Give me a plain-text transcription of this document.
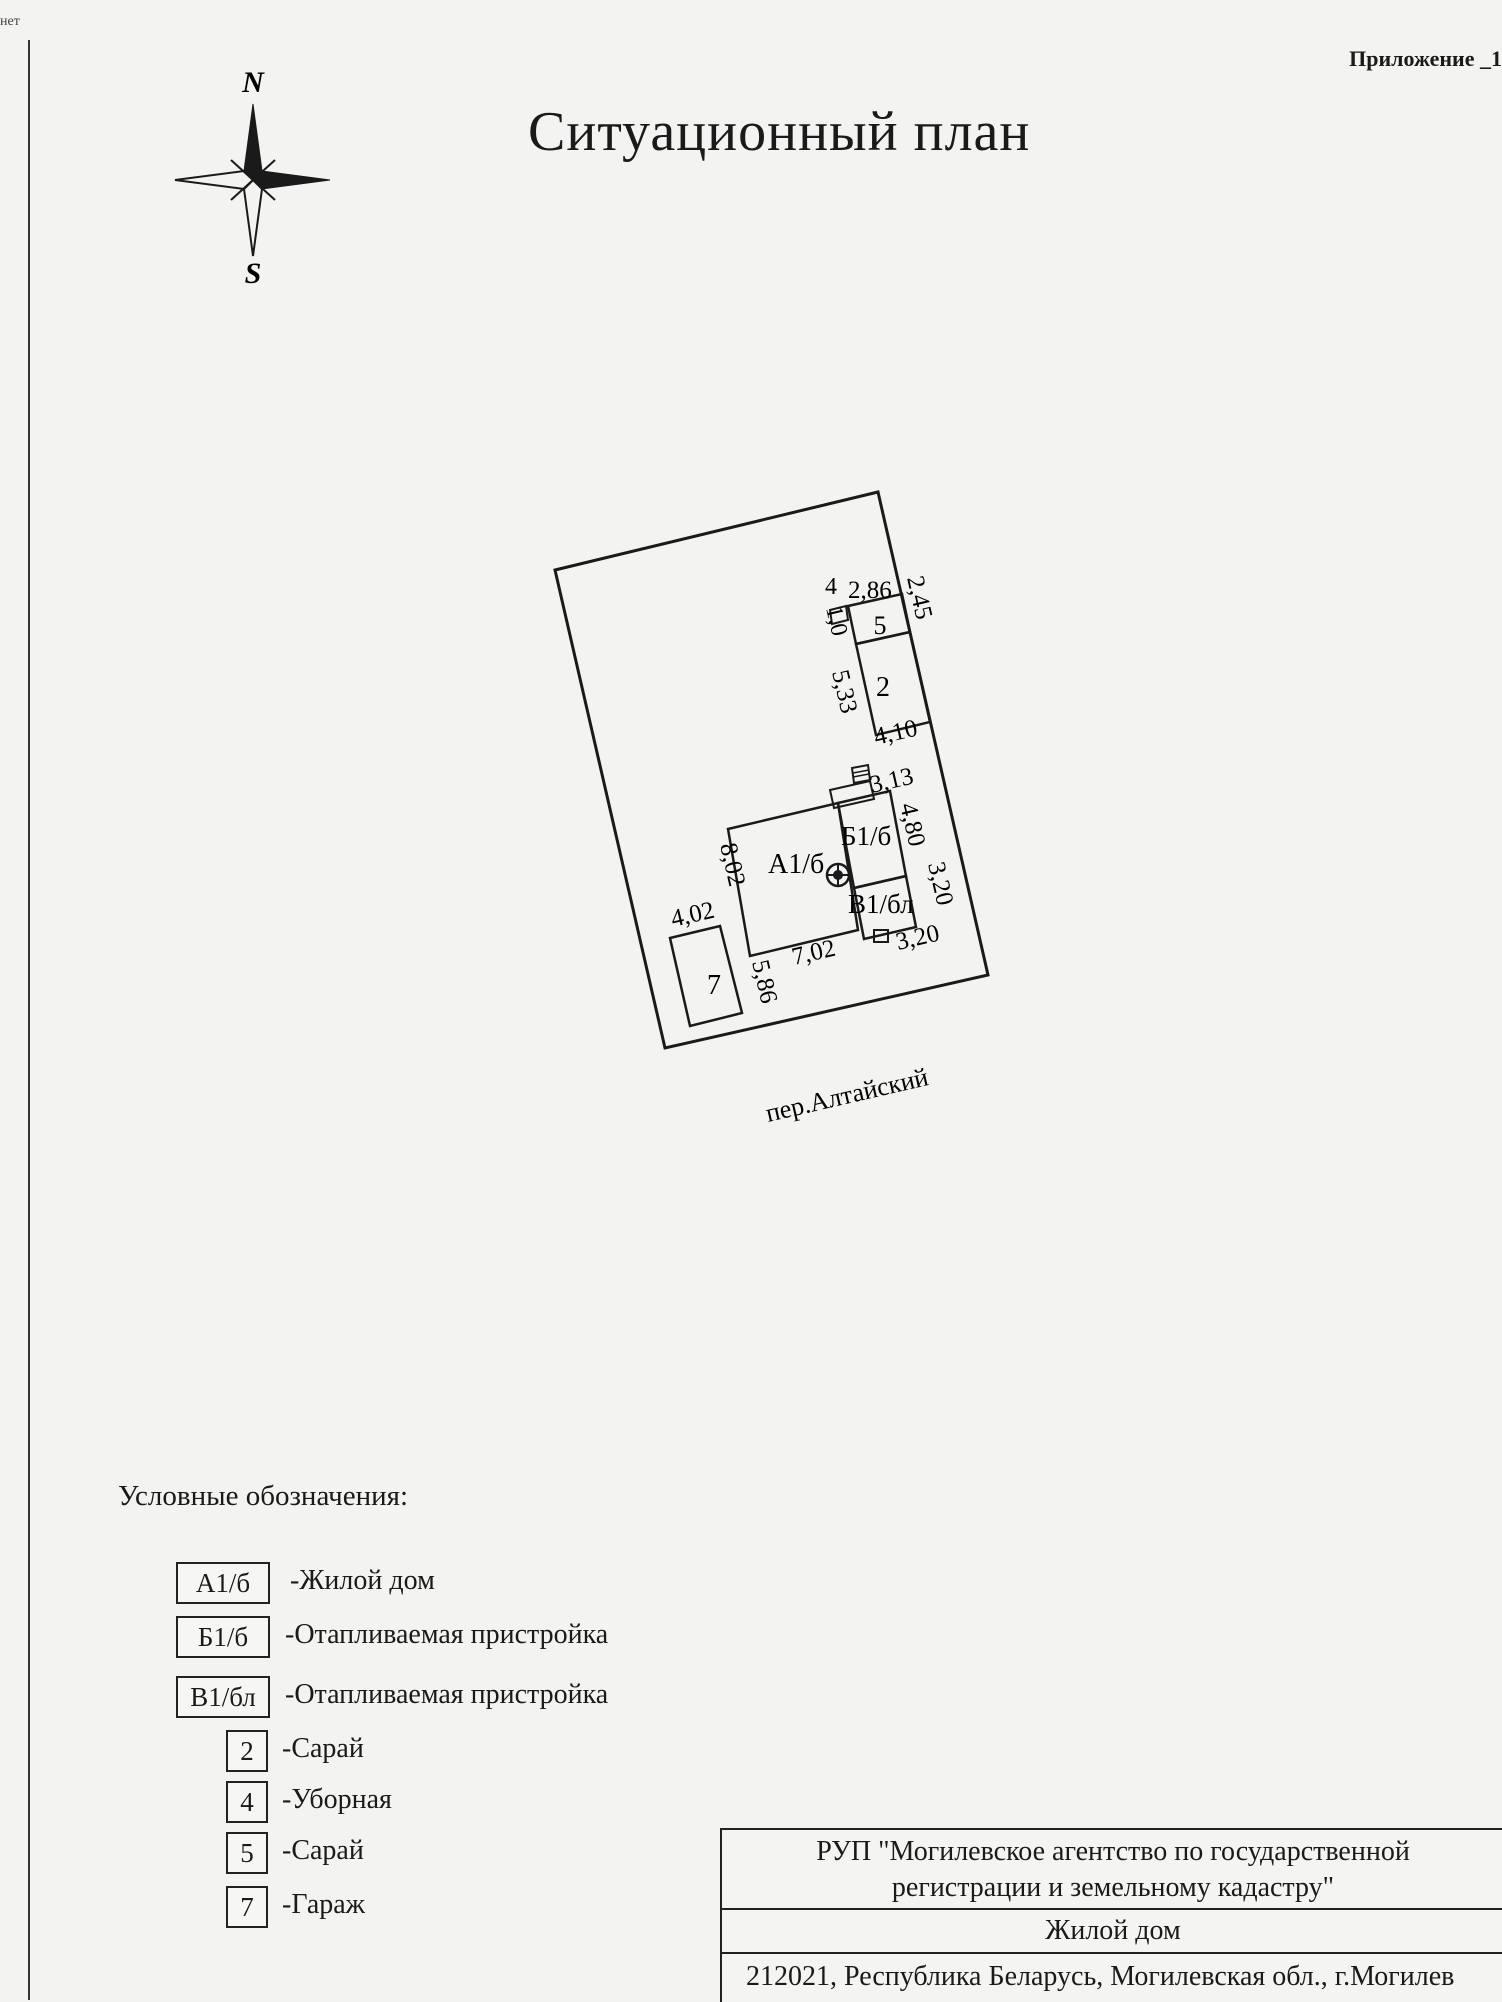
нет
Приложение _1
Ситуационный план
N
S
А1/б
Б1/б
В1/бл
2
5
7
4 2,86 2,45
1,0
5,33
4,10
3,13
4,80
8,02	3,20
3,20
4,02
7,02
5,86
пер.Алтайский
Условные обозначения:
А1/б	-Жилой дом
Б1/б	-Отапливаемая пристройка
В1/бл	-Отапливаемая пристройка
2	-Сарай
4	-Уборная
5	-Сарай
7	-Гараж
РУП "Могилевское агентство по государственной
регистрации и земельному кадастру"
Жилой дом
212021, Республика Беларусь, Могилевская обл., г.Могилев
